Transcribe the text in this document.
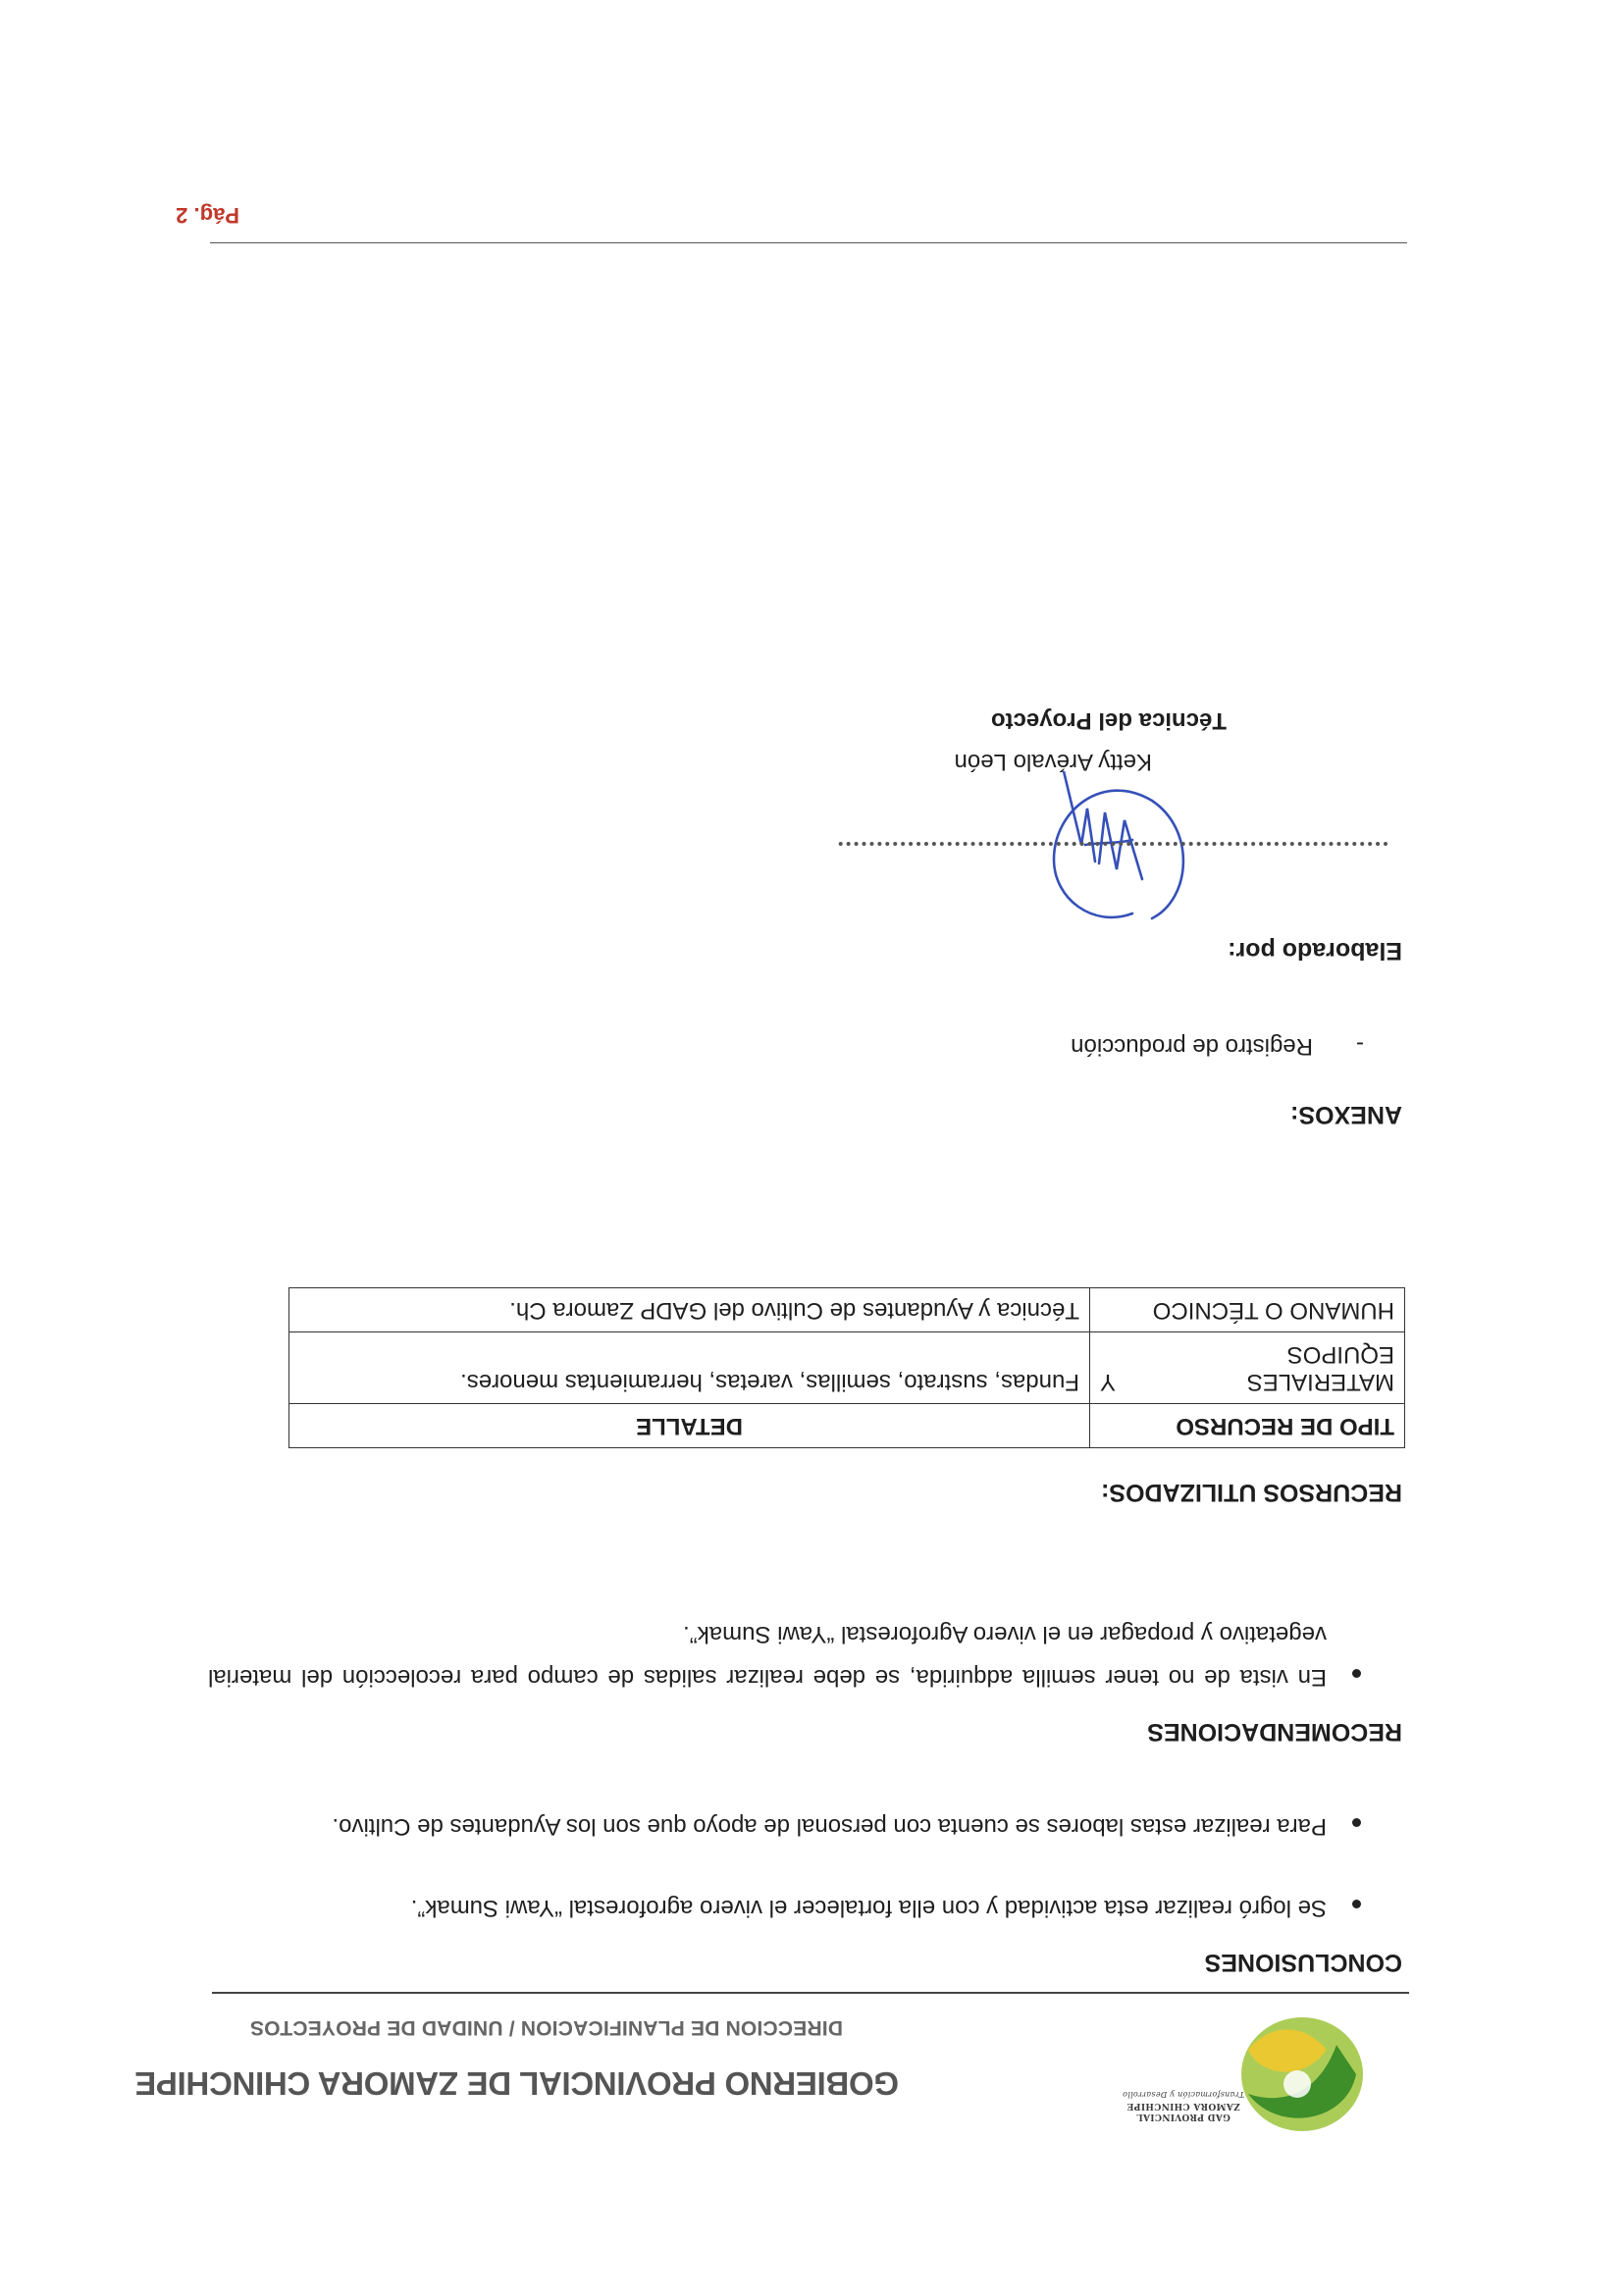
GAD PROVINCIAL
ZAMORA CHINCHIPE
Transformación y Desarrollo
GOBIERNO PROVINCIAL DE ZAMORA CHINCHIPE
DIRECCION DE PLANIFICACION / UNIDAD DE PROYECTOS
CONCLUSIONES

Se logró realizar esta actividad y con ella fortalecer el vivero agroforestal “Yawi Sumak”.

Para realizar estas labores se cuenta con personal de apoyo que son los Ayudantes de Cultivo.

RECOMENDACIONES

En vista de no tener semilla adquirida, se debe realizar salidas de campo para recolección del material vegetativo y propagar en el vivero Agroforestal “Yawi Sumak”.

RECURSOS UTILIZADOS:
TIPO DE RECURSO	DETALLE

MATERIALES
Y
EQUIPOS	Fundas, sustrato, semillas, varetas, herramientas menores.
HUMANO O TÉCNICO	Técnica y Ayudantes de Cultivo del GADP Zamora Ch.
ANEXOS:
-

Registro de producción

Elaborado por:
Ketty Arévalo León
Técnica del Proyecto
Pág. 2
